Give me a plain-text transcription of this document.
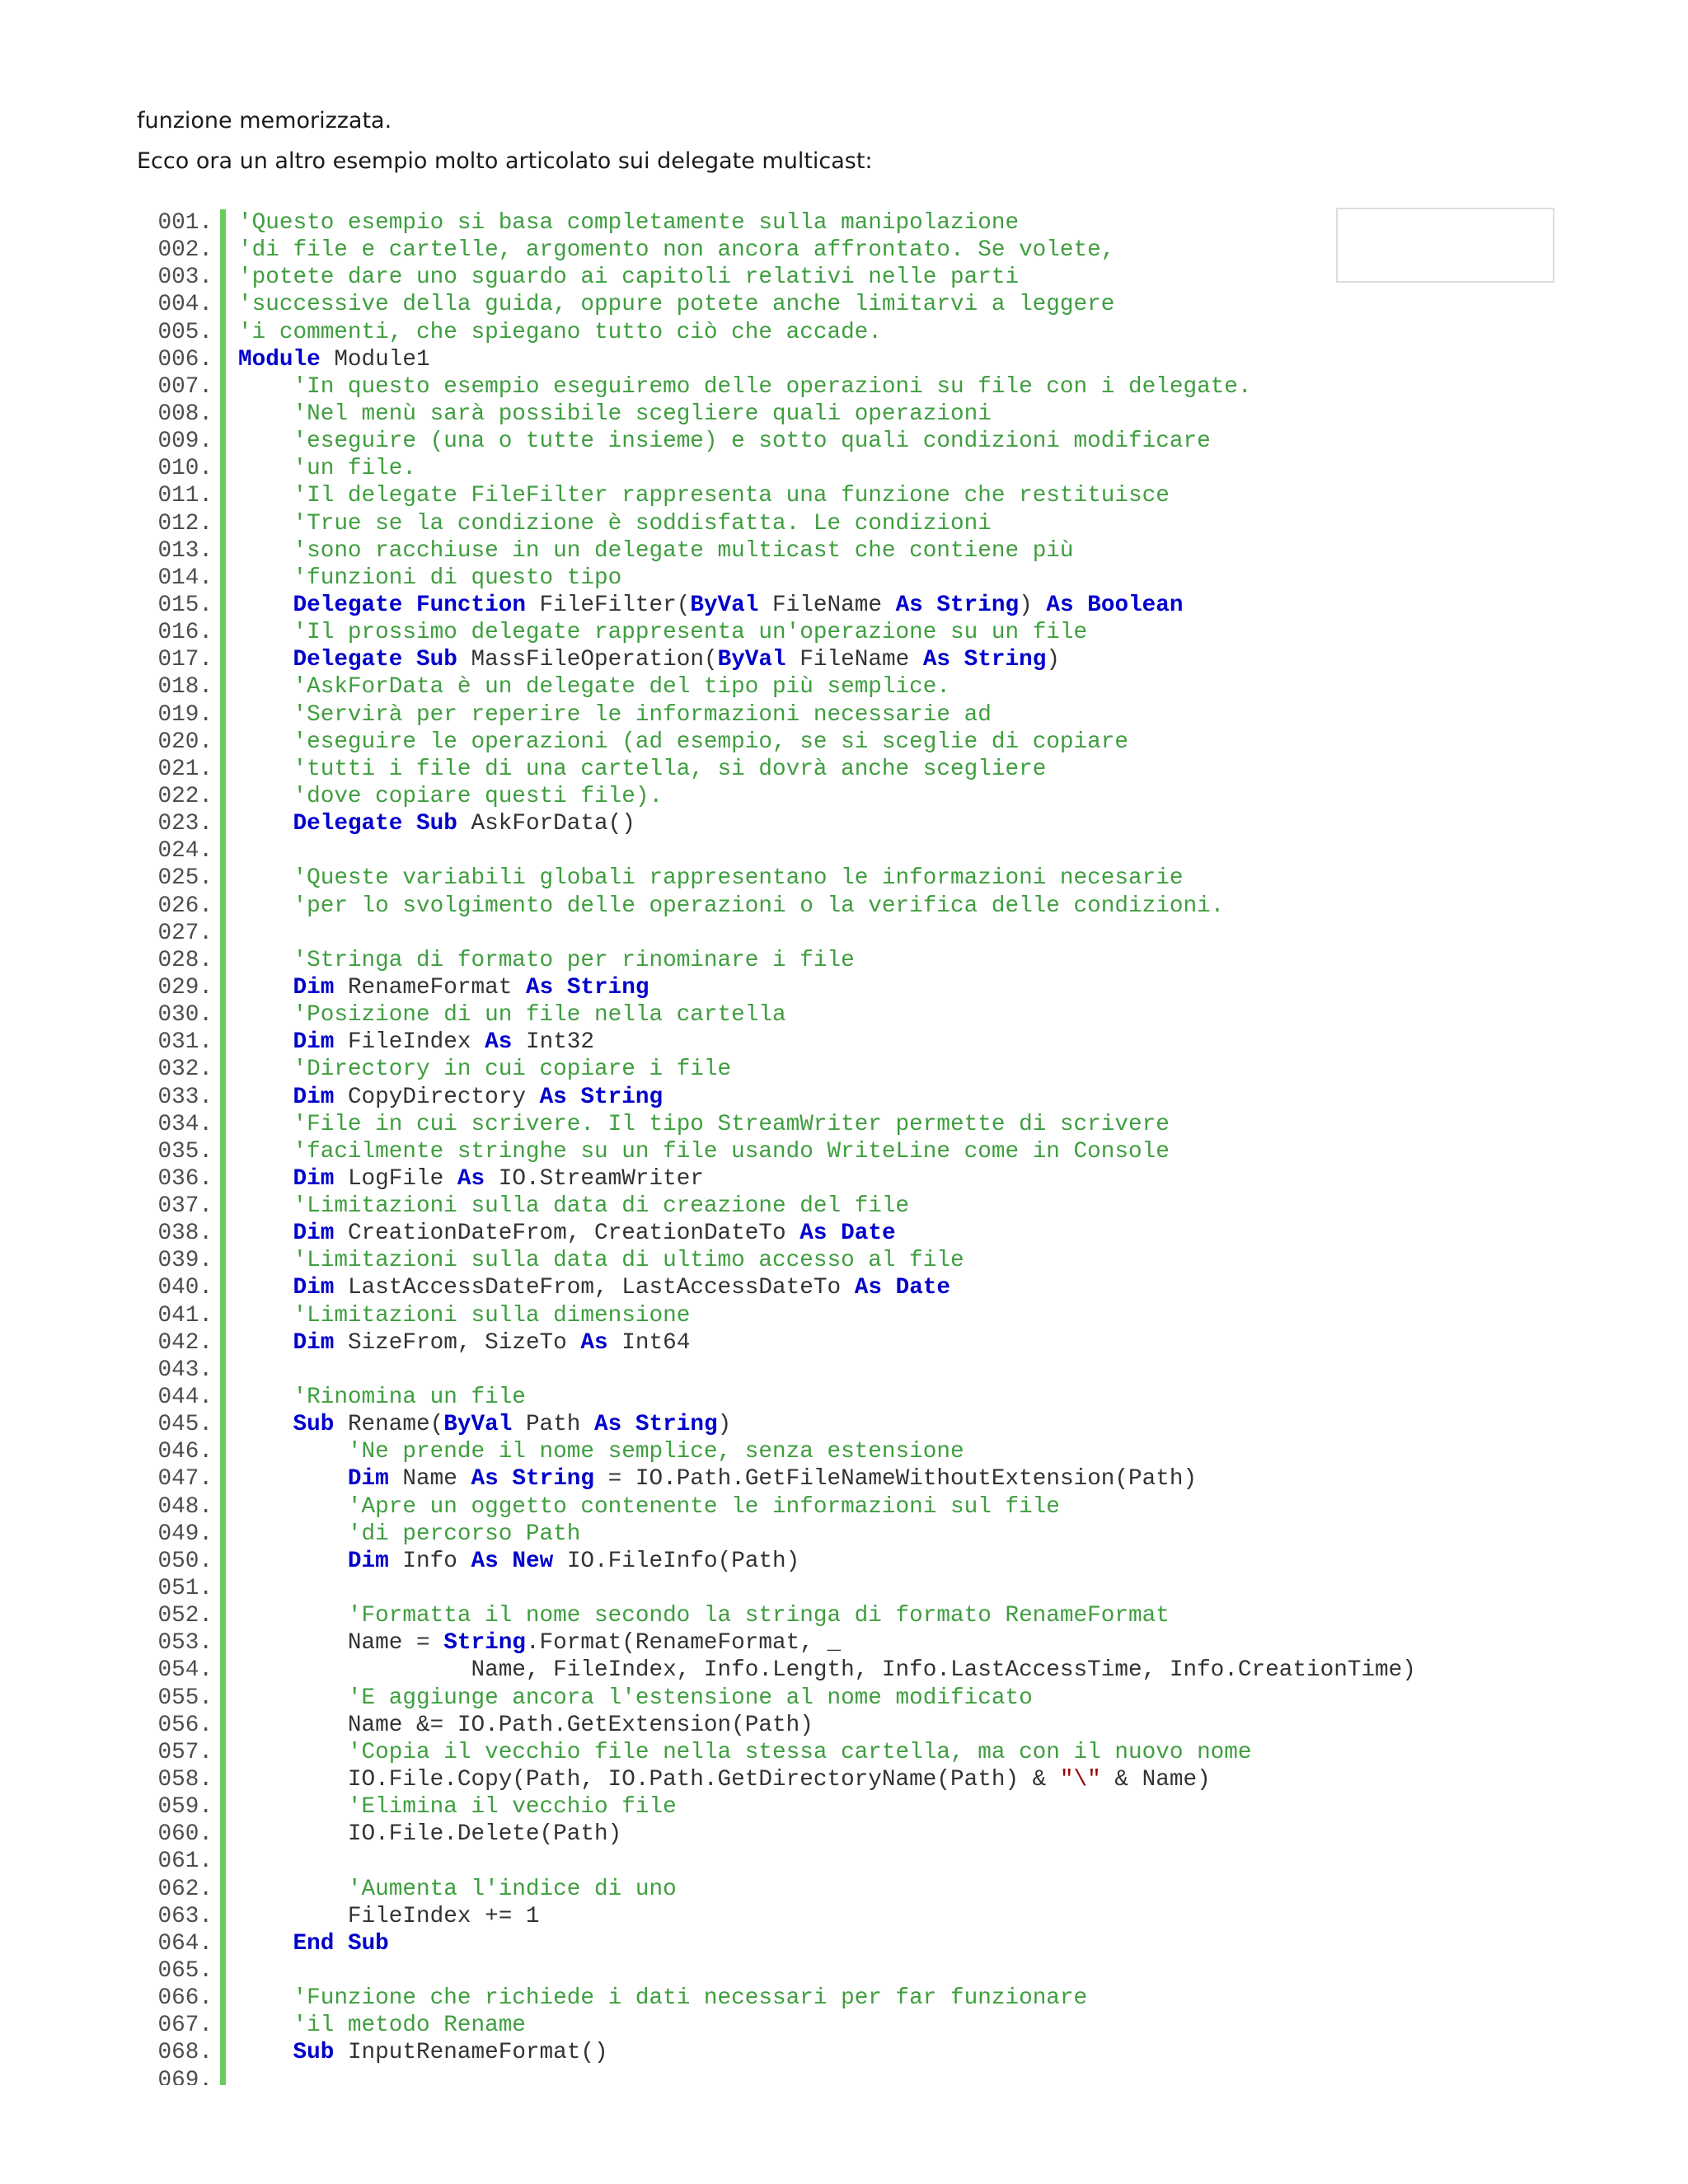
funzione memorizzata.
Ecco ora un altro esempio molto articolato sui delegate multicast:
001. 'Questo esempio si basa completamente sulla manipolazione
002. 'di file e cartelle, argomento non ancora affrontato. Se volete,
003. 'potete dare uno sguardo ai capitoli relativi nelle parti
004. 'successive della guida, oppure potete anche limitarvi a leggere
005. 'i commenti, che spiegano tutto ciò che accade.
006. Module Module1
007.	'In questo esempio eseguiremo delle operazioni su file con i delegate.
008.	'Nel menù sarà possibile scegliere quali operazioni
009.	'eseguire (una o tutte insieme) e sotto quali condizioni modificare
010.	'un file.
011.	'Il delegate FileFilter rappresenta una funzione che restituisce
012.	'True se la condizione è soddisfatta. Le condizioni
013.	'sono racchiuse in un delegate multicast che contiene più
014.	'funzioni di questo tipo
015.	Delegate Function FileFilter(ByVal FileName As String) As Boolean
016.	'Il prossimo delegate rappresenta un'operazione su un file
017.	Delegate Sub MassFileOperation(ByVal FileName As String)
018.	'AskForData è un delegate del tipo più semplice.
019.	'Servirà per reperire le informazioni necessarie ad
020.	'eseguire le operazioni (ad esempio, se si sceglie di copiare
021.	'tutti i file di una cartella, si dovrà anche scegliere
022.	'dove copiare questi file).
023.	Delegate Sub AskForData()
024.
025.	'Queste variabili globali rappresentano le informazioni necesarie
026.	'per lo svolgimento delle operazioni o la verifica delle condizioni.
027.
028.	'Stringa di formato per rinominare i file
029.	Dim RenameFormat As String
030.	'Posizione di un file nella cartella
031.	Dim FileIndex As Int32
032.	'Directory in cui copiare i file
033.	Dim CopyDirectory As String
034.	'File in cui scrivere. Il tipo StreamWriter permette di scrivere
035.	'facilmente stringhe su un file usando WriteLine come in Console
036.	Dim LogFile As IO.StreamWriter
037.	'Limitazioni sulla data di creazione del file
038.	Dim CreationDateFrom, CreationDateTo As Date
039.	'Limitazioni sulla data di ultimo accesso al file
040.	Dim LastAccessDateFrom, LastAccessDateTo As Date
041.	'Limitazioni sulla dimensione
042.	Dim SizeFrom, SizeTo As Int64
043.
044.	'Rinomina un file
045.	Sub Rename(ByVal Path As String)
046.	'Ne prende il nome semplice, senza estensione
047.	Dim Name As String = IO.Path.GetFileNameWithoutExtension(Path)
048.	'Apre un oggetto contenente le informazioni sul file
049.	'di percorso Path
050.	Dim Info As New IO.FileInfo(Path)
051.
052.	'Formatta il nome secondo la stringa di formato RenameFormat
053. Name = String.Format(RenameFormat, _
054. Name, FileIndex, Info.Length, Info.LastAccessTime, Info.CreationTime)
055.	'E aggiunge ancora l'estensione al nome modificato
056. Name &= IO.Path.GetExtension(Path)
057.	'Copia il vecchio file nella stessa cartella, ma con il nuovo nome
058. IO.File.Copy(Path, IO.Path.GetDirectoryName(Path) & "\" & Name)
059.	'Elimina il vecchio file
060. IO.File.Delete(Path)
061.
062.	'Aumenta l'indice di uno
063. FileIndex += 1
064.	End Sub
065.
066.	'Funzione che richiede i dati necessari per far funzionare
067.	'il metodo Rename
068.	Sub InputRenameFormat()
069.
